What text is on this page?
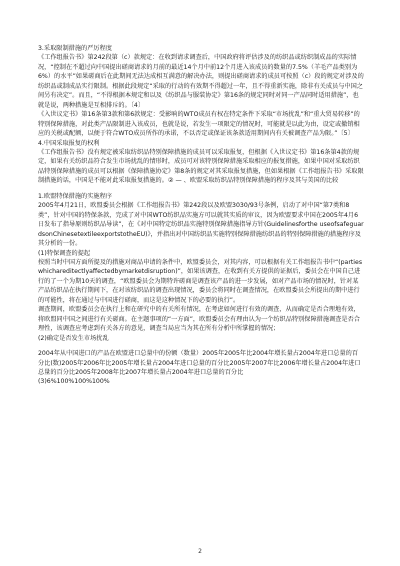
3.采取限制措施的严厉程度

《工作组报告书》第242段第（c）款规定：在收到请求调查后，中国政府将评估涉及的纺织品或纺织制成品的实际情况，“控制在不超过向中国提出磋商请求的月前的最近14个月中前12个月进入该成员的数量的7.5%（羊毛产品类别为6%）的水平”如果磋商后在此期间无法达成相互满意的解决办法，则提出磋商请求的成员可按照（c）段的规定对涉及的纺织品或制成品实行限制。根据此段规定“采取的行动的有效期不得超过一年，且不得重新实施，除非有关成员与中国之间另有决定”。而且，“不得根据本规定和以及《纺织品与服装协定》第16条的规定同时对同一产品同时适用措施”，也就是说，两种措施是互相排斥的。〔4〕

《入世议定书》第16条第3款和第6款规定：受影响的WTO成员有权在特定条件下采取“市场扰乱”和“重大贸易转移”的特别保障措施，对此类产品限制进入该成员，也就是说，若发生一项限定的情况时，可能就是以此为由，设定或撤销相应的关税或配额，以便于符合WTO成员所作的承诺，不以否定或保证该条款适用期间内有关被调查产品为限。”〔5〕

4.中国采取报复的权利

《工作组报告书》没有规定被采取纺织品特别保障措施的成员可以采取报复，但根据《入世议定书》第16条第4款的规定，如果有关纺织品符合发生市场扰乱的情形时，成员可对该特别保障措施采取相应的报复措施，如果中国对采取纺织品特别保障措施的成员可以根据《保障措施协定》第8条的规定对其采取报复措施，但如果根据《工作组报告书》采取限制措施的话，中国是不能对此采取报复措施的。② — 、欧盟采取纺织品特别保障措施的程序及其与美国的比较

1.欧盟特保措施的实施程序

2005年4月21日，欧盟委员会根据《工作组报告书》第242段以及欧盟3030/93号条例，启动了对中国“第7类和8类”，针对中国的特保条款，完成了对中国WTO纺织品实施方可以就其实质的审议，因为欧盟要求中国在2005年4月6日发布了指导原则纺织品导读”，在《对中国特定纺织品实施特别保障措施指导方针(Guidelinesforthe useofsafeguardsonChinesetextileexportstotheEU)》，并指出对中国纺织品实施特别保障措施纺织品的特别保障措施的措施程序及其分析的一份。

(1)特保调查的提起

按照当时中国方面所提及的措施对商品申请的条件中，欧盟委员会，对其内容，可以根据有关工作组报告书中“(partieswhichareditectlyaffectedbymarketdisruption)”，如果该调查，在收到有关方提供的证据后，委员会在中国自己进行的了一个为期10天的调查，“欧盟委员会为期特许磋商是调查该产品的进一步发展，如对产品市场的情况时，针对某产品纺织品在执行期间下，在对该纺织品的调查出现情况，委员会将同时在调查情况，在欧盟委员会所提出的期中进行的可能性，将在通过与中国进行磋商，而这是这种情况下的必要的执行”。

调查期间，欧盟委员会在执行上和在研究中的有关所有情况，在考虑如何进行有效的调查，从而确定是否合理地有效，将欧盟同中国之间进行有关磋商。在主题事项的“一方面”，欧盟委员会有理由认为一个纺织品特别保障措施调查是否合理性，该调查应考虑到有关各方的意见，调查当局应当为其在所有分析中所掌握的情况；

(2)确定是否发生市场扰乱

2004年从中国进口的产品在欧盟进口总量中的份额（数量）2005年2005年比2004年增长量占2004年进口总量的百分比(数)2005年2006年比2005年增长量占2004年进口总量的百分比2005年2007年比2006年增长量占2004年进口总量的百分比2005年2008年比2007年增长量占2004年进口总量的百分比

(3)6%100%100%100%

2
